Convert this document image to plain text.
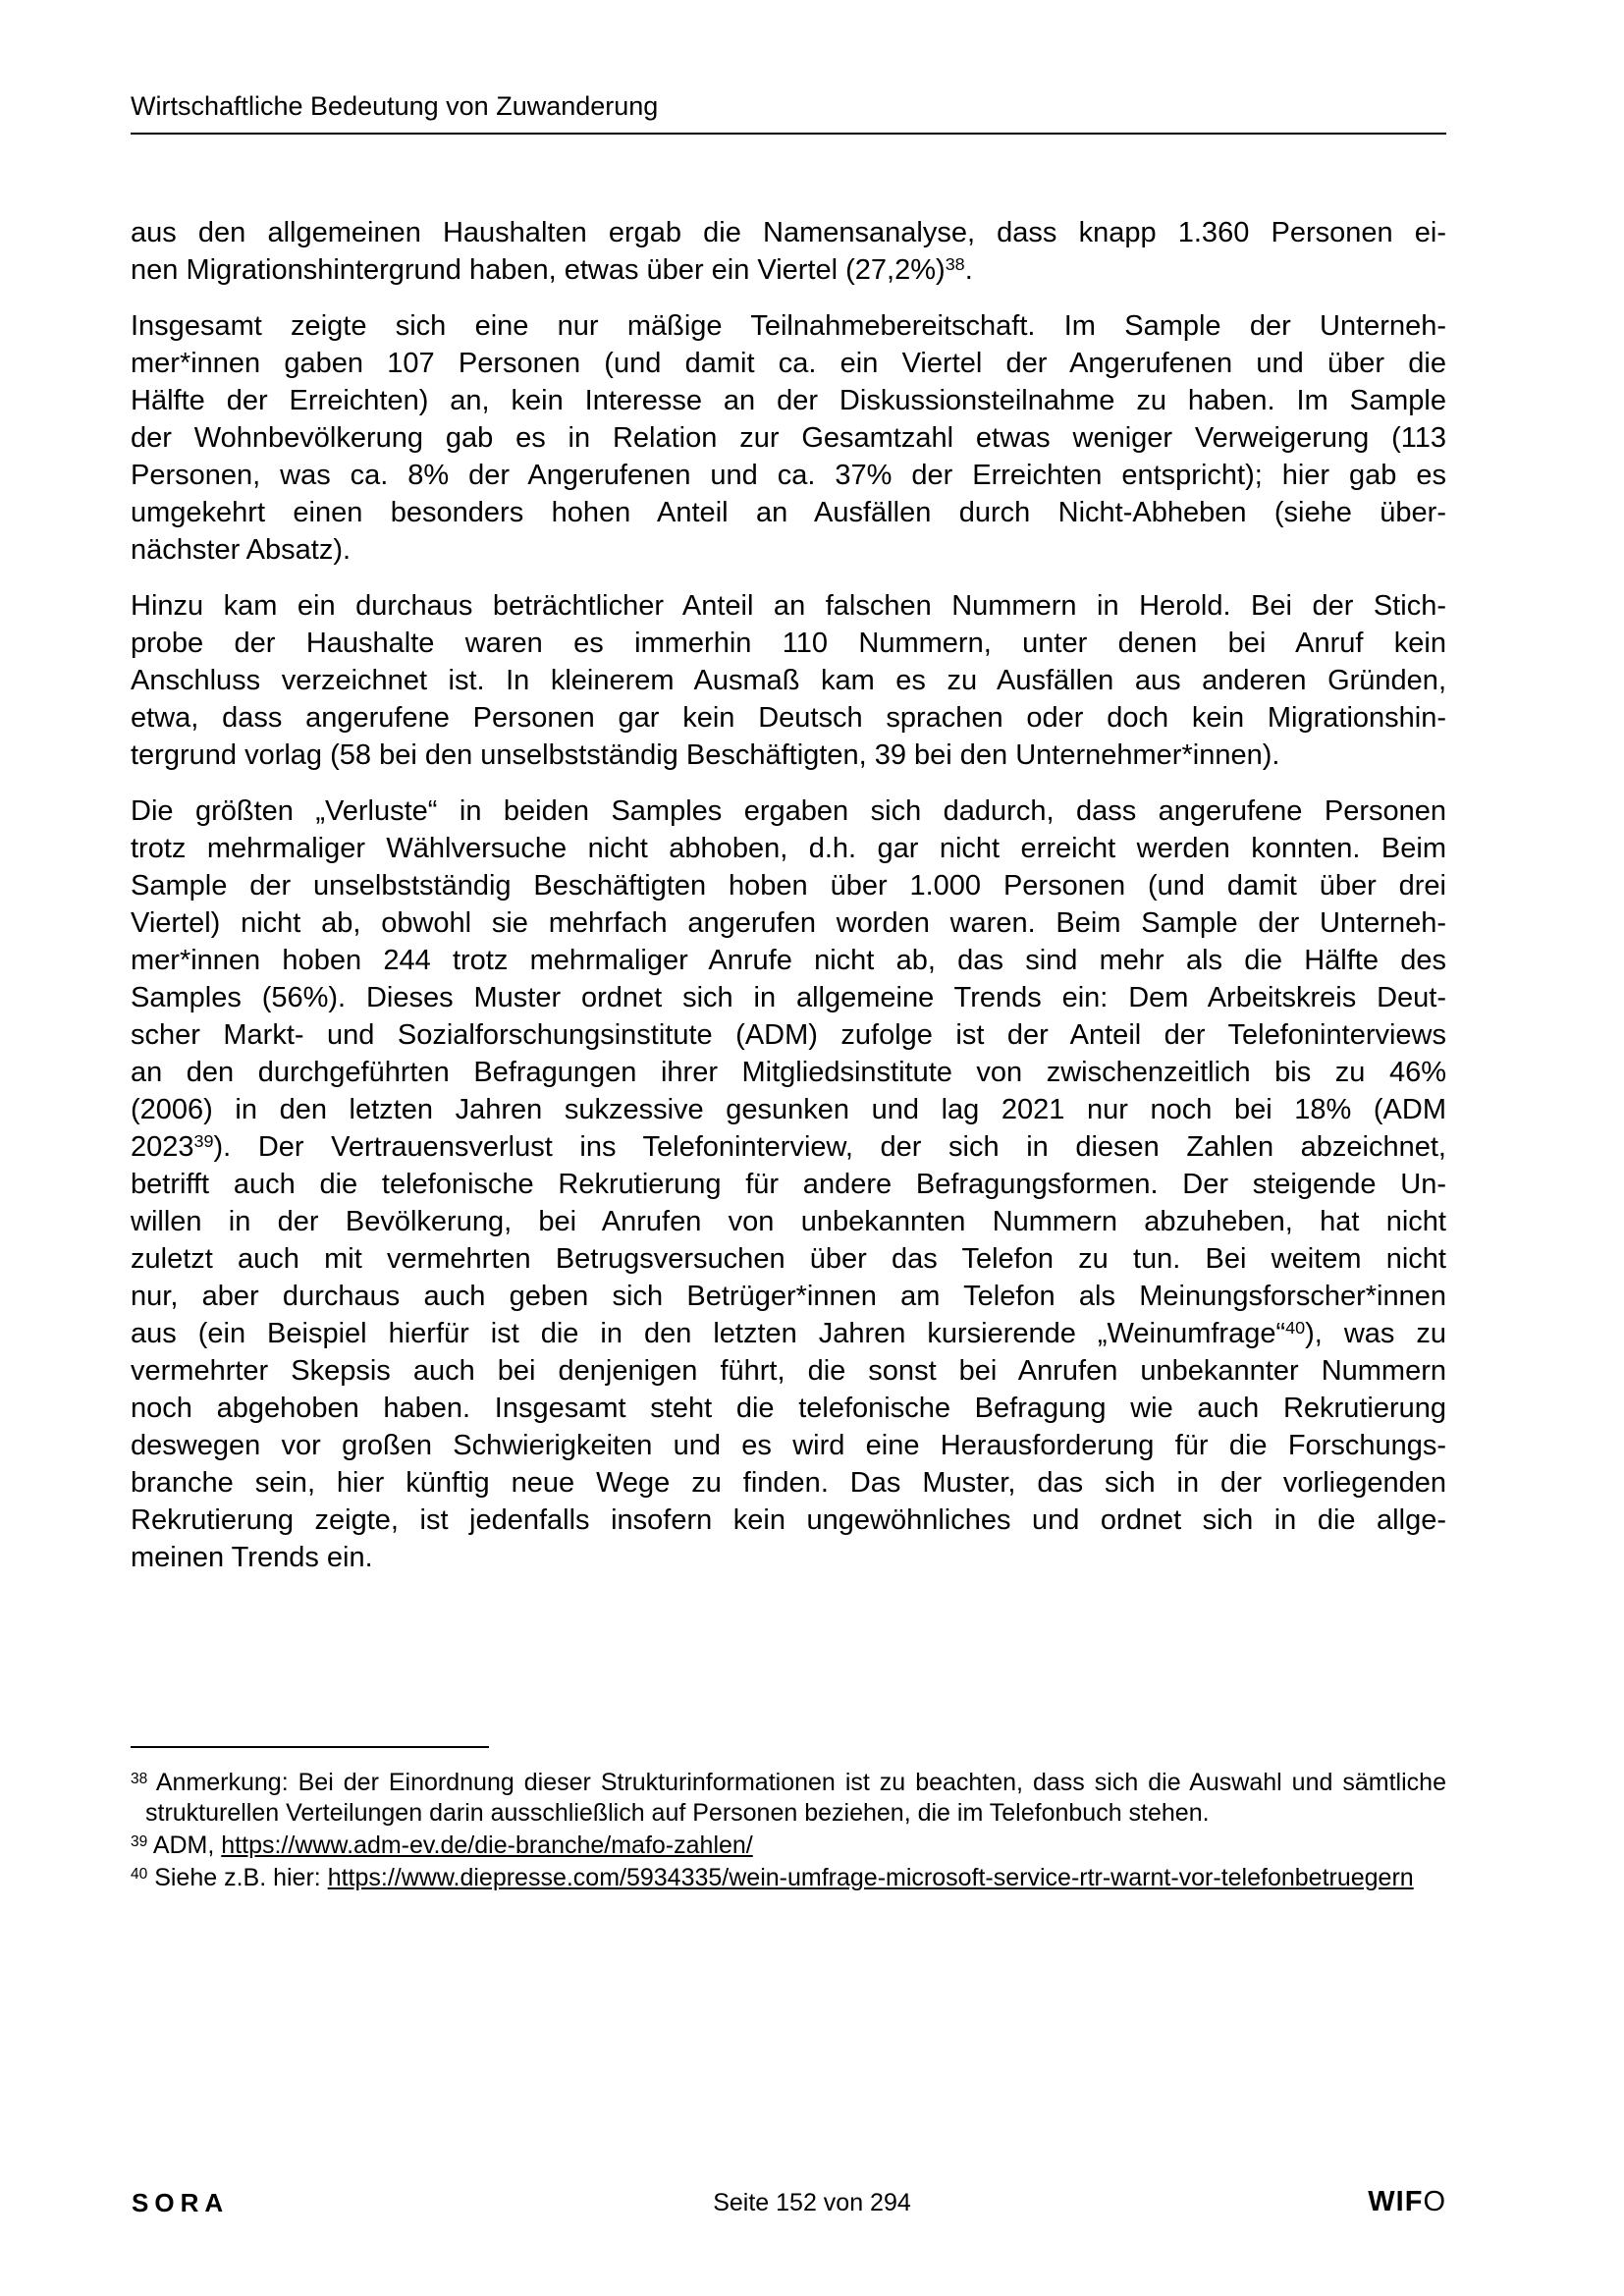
Wirtschaftliche Bedeutung von Zuwanderung
aus den allgemeinen Haushalten ergab die Namensanalyse, dass knapp 1.360 Personen ei-
nen Migrationshintergrund haben, etwas über ein Viertel (27,2%)$^{38}$.
Insgesamt zeigte sich eine nur mäßige Teilnahmebereitschaft. Im Sample der Unterneh-
mer*innen gaben 107 Personen (und damit ca. ein Viertel der Angerufenen und über die
Hälfte der Erreichten) an, kein Interesse an der Diskussionsteilnahme zu haben. Im Sample
der Wohnbevölkerung gab es in Relation zur Gesamtzahl etwas weniger Verweigerung (113
Personen, was ca. 8% der Angerufenen und ca. 37% der Erreichten entspricht); hier gab es
umgekehrt einen besonders hohen Anteil an Ausfällen durch Nicht-Abheben (siehe über-
nächster Absatz).
Hinzu kam ein durchaus beträchtlicher Anteil an falschen Nummern in Herold. Bei der Stich-
probe der Haushalte waren es immerhin 110 Nummern, unter denen bei Anruf kein
Anschluss verzeichnet ist. In kleinerem Ausmaß kam es zu Ausfällen aus anderen Gründen,
etwa, dass angerufene Personen gar kein Deutsch sprachen oder doch kein Migrationshin-
tergrund vorlag (58 bei den unselbstständig Beschäftigten, 39 bei den Unternehmer*innen).
Die größten „Verluste“ in beiden Samples ergaben sich dadurch, dass angerufene Personen
trotz mehrmaliger Wählversuche nicht abhoben, d.h. gar nicht erreicht werden konnten. Beim
Sample der unselbstständig Beschäftigten hoben über 1.000 Personen (und damit über drei
Viertel) nicht ab, obwohl sie mehrfach angerufen worden waren. Beim Sample der Unterneh-
mer*innen hoben 244 trotz mehrmaliger Anrufe nicht ab, das sind mehr als die Hälfte des
Samples (56%). Dieses Muster ordnet sich in allgemeine Trends ein: Dem Arbeitskreis Deut-
scher Markt- und Sozialforschungsinstitute (ADM) zufolge ist der Anteil der Telefoninterviews
an den durchgeführten Befragungen ihrer Mitgliedsinstitute von zwischenzeitlich bis zu 46%
(2006) in den letzten Jahren sukzessive gesunken und lag 2021 nur noch bei 18% (ADM
2023$^{39}$). Der Vertrauensverlust ins Telefoninterview, der sich in diesen Zahlen abzeichnet,
betrifft auch die telefonische Rekrutierung für andere Befragungsformen. Der steigende Un-
willen in der Bevölkerung, bei Anrufen von unbekannten Nummern abzuheben, hat nicht
zuletzt auch mit vermehrten Betrugsversuchen über das Telefon zu tun. Bei weitem nicht
nur, aber durchaus auch geben sich Betrüger*innen am Telefon als Meinungsforscher*innen
aus (ein Beispiel hierfür ist die in den letzten Jahren kursierende „Weinumfrage“$^{40}$), was zu
vermehrter Skepsis auch bei denjenigen führt, die sonst bei Anrufen unbekannter Nummern
noch abgehoben haben. Insgesamt steht die telefonische Befragung wie auch Rekrutierung
deswegen vor großen Schwierigkeiten und es wird eine Herausforderung für die Forschungs-
branche sein, hier künftig neue Wege zu finden. Das Muster, das sich in der vorliegenden
Rekrutierung zeigte, ist jedenfalls insofern kein ungewöhnliches und ordnet sich in die allge-
meinen Trends ein.
$^{38}$ Anmerkung: Bei der Einordnung dieser Strukturinformationen ist zu beachten, dass sich die Auswahl und sämtliche strukturellen Verteilungen darin ausschließlich auf Personen beziehen, die im Telefonbuch stehen.
$^{39}$ ADM, https://www.adm-ev.de/die-branche/mafo-zahlen/
$^{40}$ Siehe z.B. hier: https://www.diepresse.com/5934335/wein-umfrage-microsoft-service-rtr-warnt-vor-telefonbetruegern
Seite 152 von 294
SORA	WIFO
